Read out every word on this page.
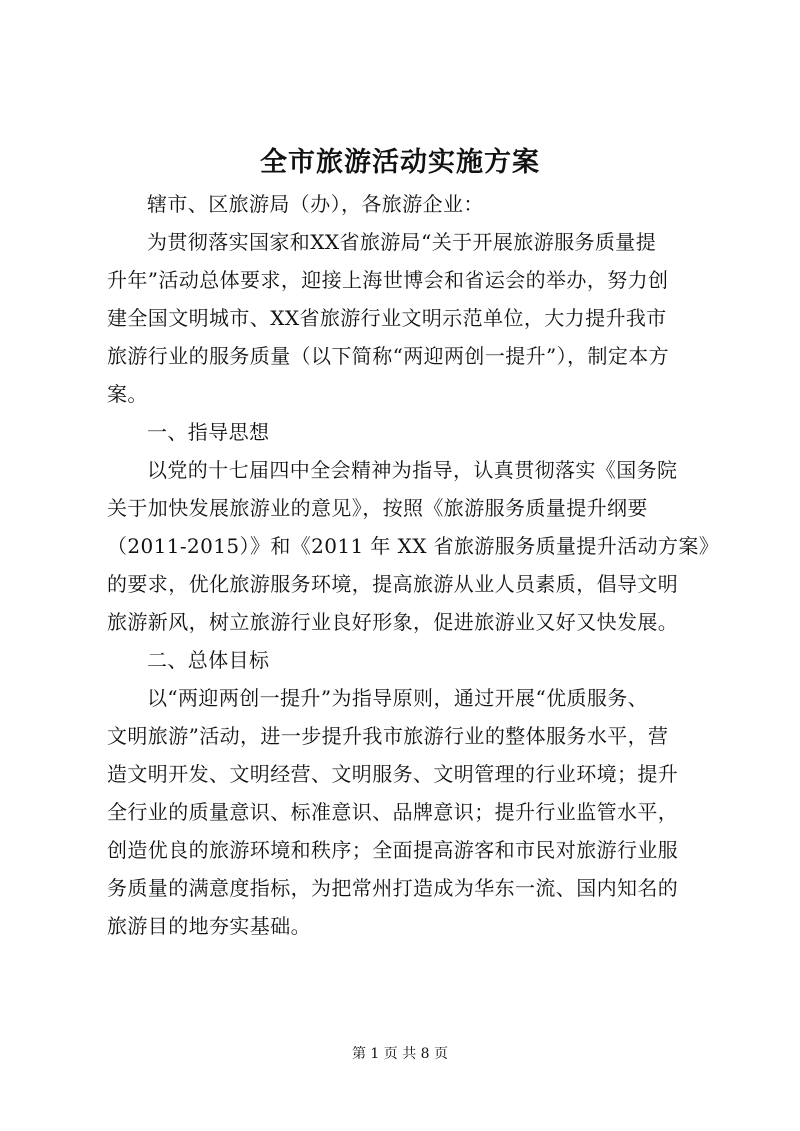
全市旅游活动实施方案

辖市、区旅游局（办），各旅游企业：

为贯彻落实国家和XX省旅游局“关于开展旅游服务质量提
升年”活动总体要求，迎接上海世博会和省运会的举办，努力创
建全国文明城市、XX省旅游行业文明示范单位，大力提升我市
旅游行业的服务质量（以下简称“两迎两创一提升”），制定本方
案。

一、指导思想

以党的十七届四中全会精神为指导，认真贯彻落实《国务院
关于加快发展旅游业的意见》，按照《旅游服务质量提升纲要
（2011-2015）》和《2011 年 XX 省旅游服务质量提升活动方案》
的要求，优化旅游服务环境，提高旅游从业人员素质，倡导文明
旅游新风，树立旅游行业良好形象，促进旅游业又好又快发展。

二、总体目标

以“两迎两创一提升”为指导原则，通过开展“优质服务、
文明旅游”活动，进一步提升我市旅游行业的整体服务水平，营
造文明开发、文明经营、文明服务、文明管理的行业环境；提升
全行业的质量意识、标准意识、品牌意识；提升行业监管水平，
创造优良的旅游环境和秩序；全面提高游客和市民对旅游行业服
务质量的满意度指标，为把常州打造成为华东一流、国内知名的
旅游目的地夯实基础。

第 1 页 共 8 页
